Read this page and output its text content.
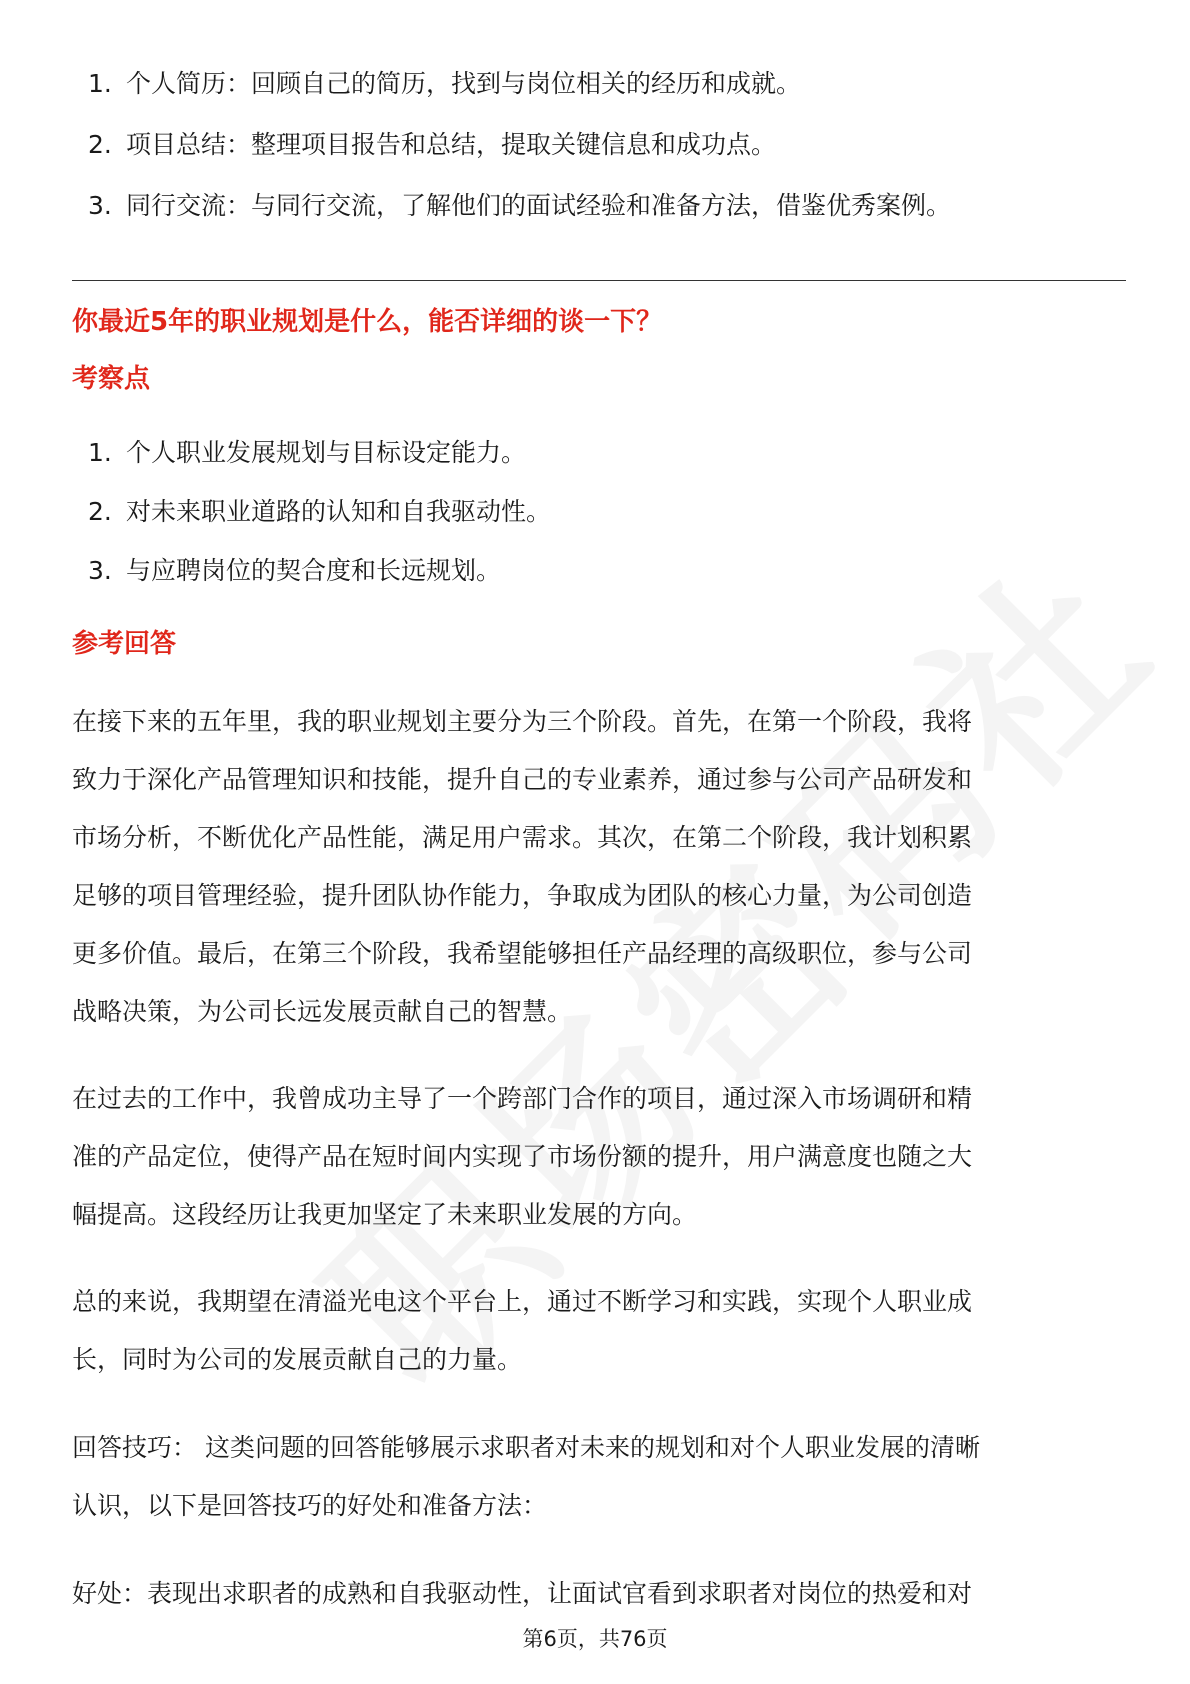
1. 个人简历：回顾自己的简历，找到与岗位相关的经历和成就。
2. 项目总结：整理项目报告和总结，提取关键信息和成功点。
3. 同行交流：与同行交流，了解他们的面试经验和准备方法，借鉴优秀案例。
你最近5年的职业规划是什么，能否详细的谈一下？
考察点
1. 个人职业发展规划与目标设定能力。
2. 对未来职业道路的认知和自我驱动性。
3. 与应聘岗位的契合度和长远规划。
参考回答
在接下来的五年里，我的职业规划主要分为三个阶段。首先，在第一个阶段，我将
致力于深化产品管理知识和技能，提升自己的专业素养，通过参与公司产品研发和
市场分析，不断优化产品性能，满足用户需求。其次，在第二个阶段，我计划积累
足够的项目管理经验，提升团队协作能力，争取成为团队的核心力量，为公司创造
更多价值。最后，在第三个阶段，我希望能够担任产品经理的高级职位，参与公司
战略决策，为公司长远发展贡献自己的智慧。
在过去的工作中，我曾成功主导了一个跨部门合作的项目，通过深入市场调研和精
准的产品定位，使得产品在短时间内实现了市场份额的提升，用户满意度也随之大
幅提高。这段经历让我更加坚定了未来职业发展的方向。
总的来说，我期望在清溢光电这个平台上，通过不断学习和实践，实现个人职业成
长，同时为公司的发展贡献自己的力量。
回答技巧： 这类问题的回答能够展示求职者对未来的规划和对个人职业发展的清晰
认识，以下是回答技巧的好处和准备方法：
好处：表现出求职者的成熟和自我驱动性，让面试官看到求职者对岗位的热爱和对
第6页，共76页
